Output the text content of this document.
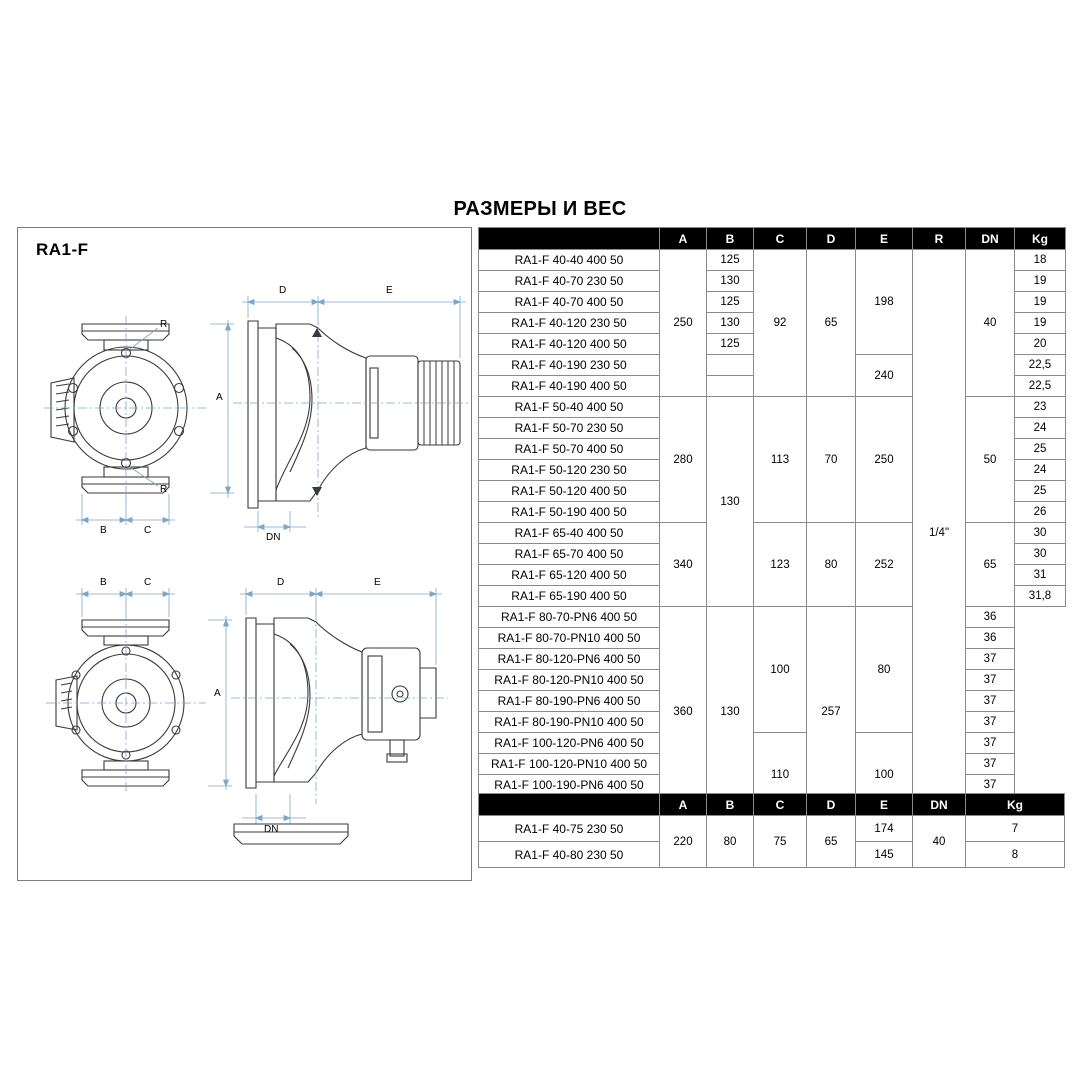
РАЗМЕРЫ И ВЕС
RA1-F
R
R
B	C
D	E
A
DN
B	C	D	E
A
DN
	A	B	C	D	E	R	DN	Kg
RA1-F 40-40 400 50	250	125	92	65	198	1/4"	40	18
RA1-F 40-70 230 50		130						19
RA1-F 40-70 400 50		125						19
RA1-F 40-120 230 50		130						19
RA1-F 40-120 400 50		125						20
RA1-F 40-190 230 50					240			22,5
RA1-F 40-190 400 50								22,5
RA1-F 50-40 400 50	280	130	113	70	250		50	23
RA1-F 50-70 230 50								24
RA1-F 50-70 400 50								25
RA1-F 50-120 230 50								24
RA1-F 50-120 400 50								25
RA1-F 50-190 400 50								26
RA1-F 65-40 400 50	340		123	80	252		65	30
RA1-F 65-70 400 50								30
RA1-F 65-120 400 50								31
RA1-F 65-190 400 50								31,8
RA1-F 80-70-PN6 400 50	360	130	100	257	80		36	
RA1-F 80-70-PN10 400 50							36	
RA1-F 80-120-PN6 400 50							37	
RA1-F 80-120-PN10 400 50							37	
RA1-F 80-190-PN6 400 50							37	
RA1-F 80-190-PN10 400 50							37	
RA1-F 100-120-PN6 400 50			110		100		37	
RA1-F 100-120-PN10 400 50							37	
RA1-F 100-190-PN6 400 50							37	

	A	B	C	D	E	DN	Kg
RA1-F 40-75 230 50	220	80	75	65	174	40	7
RA1-F 40-80 230 50					145		8
